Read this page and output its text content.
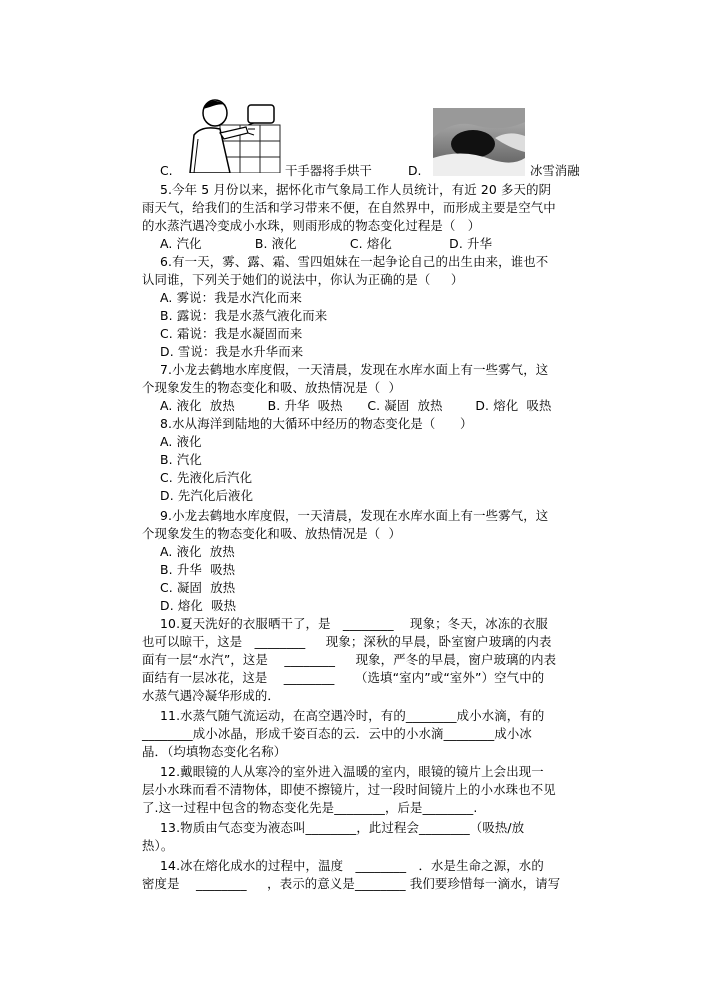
C.	干手器将手烘干	D.	冰雪消融
5.今年 5 月份以来，据怀化市气象局工作人员统计，有近 20 多天的阴
雨天气，给我们的生活和学习带来不便，在自然界中，而形成主要是空气中
的水蒸汽遇冷变成小水珠，则雨形成的物态变化过程是（   ）
A. 汽化             B. 液化             C. 熔化              D. 升华
6.有一天，雾、露、霜、雪四姐妹在一起争论自己的出生由来，谁也不
认同谁，下列关于她们的说法中，你认为正确的是（     ）
A. 雾说：我是水汽化而来
B. 露说：我是水蒸气液化而来
C. 霜说：我是水凝固而来
D. 雪说：我是水升华而来
7.小龙去鹤地水库度假，一天清晨，发现在水库水面上有一些雾气，这
个现象发生的物态变化和吸、放热情况是（  ）
A. 液化  放热        B. 升华  吸热      C. 凝固  放热        D. 熔化  吸热
8.水从海洋到陆地的大循环中经历的物态变化是（      ）
A. 液化
B. 汽化
C. 先液化后汽化
D. 先汽化后液化
9.小龙去鹤地水库度假，一天清晨，发现在水库水面上有一些雾气，这
个现象发生的物态变化和吸、放热情况是（  ）
A. 液化  放热
B. 升华  吸热
C. 凝固  放热
D. 熔化  吸热
10.夏天洗好的衣服晒干了，是   ________    现象；冬天，冰冻的衣服
也可以晾干，这是   ________     现象；深秋的早晨，卧室窗户玻璃的内表
面有一层“水汽”，这是    ________     现象，严冬的早晨，窗户玻璃的内表
面结有一层冰花，这是    ________     （选填“室内”或“室外”）空气中的
水蒸气遇冷凝华形成的．
11.水蒸气随气流运动，在高空遇冷时，有的________成小水滴，有的
________成小冰晶，形成千姿百态的云．云中的小水滴________成小冰
晶．（均填物态变化名称）
12.戴眼镜的人从寒冷的室外进入温暖的室内，眼镜的镜片上会出现一
层小水珠而看不清物体，即使不擦镜片，过一段时间镜片上的小水珠也不见
了.这一过程中包含的物态变化先是________，后是________.
13.物质由气态变为液态叫________，此过程会________（吸热/放
热）。
14.冰在熔化成水的过程中，温度   ________   ．水是生命之源，水的
密度是    ________     ，表示的意义是________ 我们要珍惜每一滴水，请写
